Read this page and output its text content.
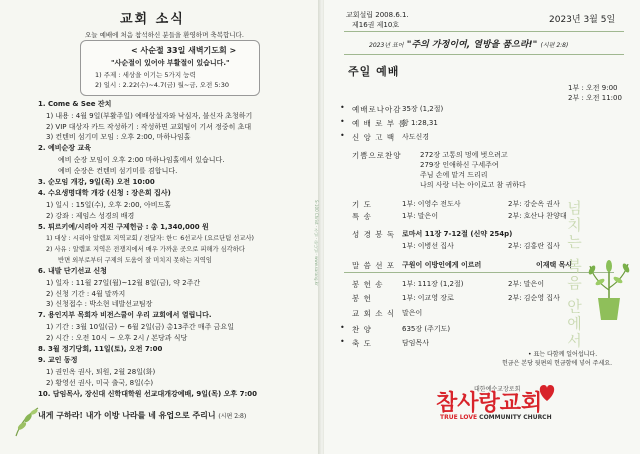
교회 소식
오늘 예배에 처음 참석하신 분들을 환영하며 축복합니다.
< 사순절 33일 새벽기도회 >
"사순절이 있어야 부활절이 있습니다."
1) 주제 : 세상을 이기는 5가지 능력
2) 일시 : 2.22(수)~4.7(금) 월~금, 오전 5:30
1. Come & See 잔치
1) 내용 : 4월 9일(부활주일) 예배상설자와 낙심자, 불신자 초청하기
2) VIP 대상자 카드 작성하기 : 작성하면 교회팀이 기셔 정중히 초대
3) 컨텐비 섬기미 모임 : 오후 2:00, 마하나임홀
2. 예비순장 교육
예비 순장 모임이 오후 2:00 마하나임홀에서 있습니다.
예비 순장은 컨텐비 섬기미를 겸합니다.
3. 순모임 개강, 9일(목) 오전 10:00
4. 수요생명대학 개강 (신청 : 장은희 집사)
1) 일시 : 15일(수), 오후 2:00, 아비드홀
2) 강좌 : 제임스 성경의 배경
5. 튀르키예/시리아 지진 구제헌금 : 총 1,340,000 원
1) 대상 : 시리아 알렙포 지역교회 / 전달자: 한ㄷ 6선교사 (요르단팀 선교사)
2) 사유 : 알렙포 지역은 전쟁지에서 매우 가까운 곳으로 피해가 심각하다
반면 외부로부터 구제의 도움이 잘 미치지 못하는 지역임
6. 내발 단기선교 신청
1) 일자 : 11월 27일(월)~12월 8일(금), 약 2주간
2) 신청 기간 : 4월 말까지
3) 신청접수 : 박소현 네발선교팀장
7. 용인지부 목회자 비전스쿨이 우리 교회에서 열립니다.
1) 기간 : 3월 10일(금) ~ 6월 2일(금) 총13주간 매주 금요일
2) 시간 : 오전 10시 ~ 오후 2시 / 본당과 식당
8. 3월 정기당회, 11일(토), 오전 7:00
9. 교인 동정
1) 권인옥 권사, 퇴원, 2월 28일(화)
2) 황영선 권사, 미국 출국, 8일(수)
10. 담임목사, 장신대 신학대학원 선교대개강예배, 9일(목) 오후 7:00
내게 구하라! 내가 이방 나라를 네 유업으로 주리니 (시편 2:8)
S-100 Christ · 주님 · 하나님 · www.sarang.kr
교회설립 2008.6.1.
제16권 제10호	2023년 3월 5일
2023년 표어 "주의 가정이여, 열방을 품으라!" (시편 2:8)
주일 예배
1부 : 오전 9:00
2부 : 오전 11:00
• 예배로나아감 35장 (1,2절)
• 예 배 로 부 름
창 1:28,31
• 신 앙 고 백 사도신경
기쁨으로찬양	272장 고통의 멍에 벗으려고
279장 인애하신 구세주여
주님 손에 맡겨 드리리
나의 사랑 너는 아이로고 참 귀하다
기 도	1부: 이영수 전도사	2부: 강순옥 권사
특 송	1부: 말은이	2부: 호산나 찬양대
성 경 봉 독 로마서 11장 7-12절 (신약 254p)
1부: 이병선 집사	2부: 김홍란 집사
말 씀 선 포 구원이 이방인에게 이르러	이재택 목사
봉 헌 송	1부: 111장 (1,2절)	2부: 말은이
봉 헌	1부: 이교영 장로	2부: 김순영 집사
교 회 소 식 말은이
• 찬 양	635장 (주기도)
• 축 도	담임목사
• 표는 다함께 일어섭니다.
헌금은 본당 뒷편의 헌금함에 넣어 주세요.
넘치는 복음 안에서
대한예수교장로회
참사랑교회
TRUE LOVE COMMUNITY CHURCH
